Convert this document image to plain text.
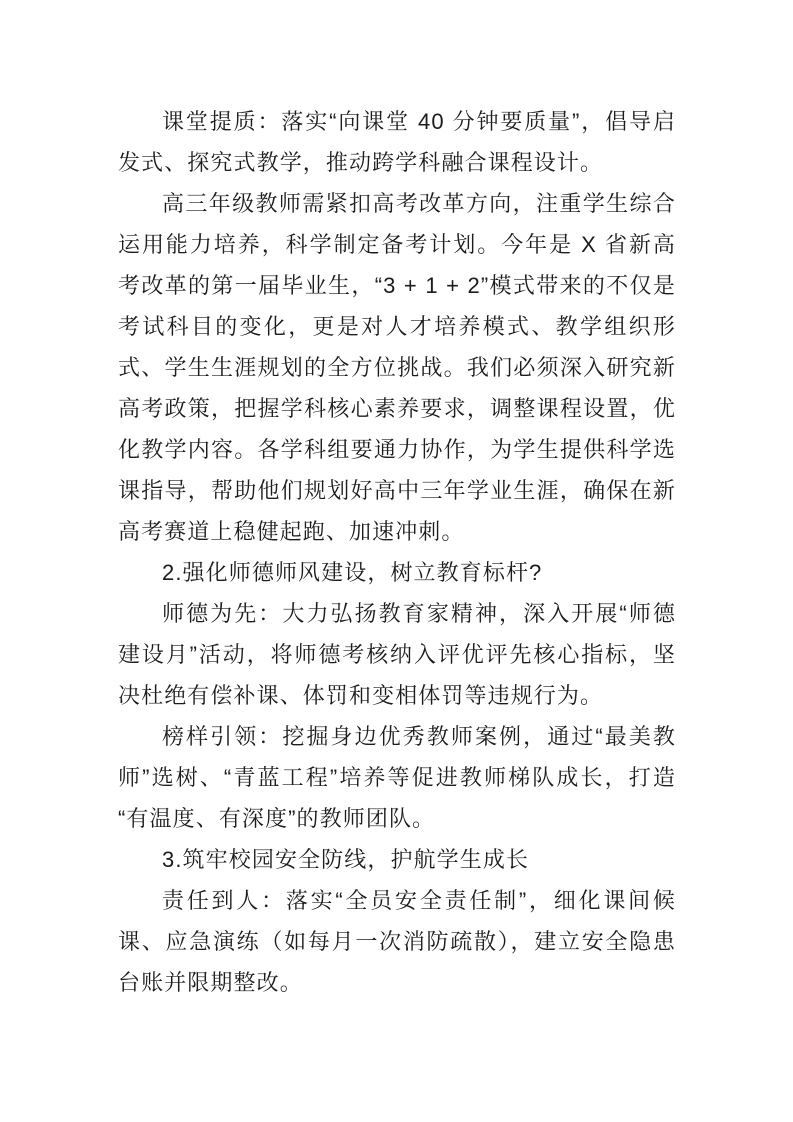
课堂提质：落实“向课堂 40 分钟要质量”，倡导启发式、探究式教学，推动跨学科融合课程设计。

高三年级教师需紧扣高考改革方向，注重学生综合运用能力培养，科学制定备考计划。今年是 X 省新高考改革的第一届毕业生，“3 + 1 + 2”模式带来的不仅是考试科目的变化，更是对人才培养模式、教学组织形式、学生生涯规划的全方位挑战。我们必须深入研究新高考政策，把握学科核心素养要求，调整课程设置，优化教学内容。各学科组要通力协作，为学生提供科学选课指导，帮助他们规划好高中三年学业生涯，确保在新高考赛道上稳健起跑、加速冲刺。

2.强化师德师风建设，树立教育标杆?

师德为先：大力弘扬教育家精神，深入开展“师德建设月”活动，将师德考核纳入评优评先核心指标，坚决杜绝有偿补课、体罚和变相体罚等违规行为。

榜样引领：挖掘身边优秀教师案例，通过“最美教师”选树、“青蓝工程”培养等促进教师梯队成长，打造“有温度、有深度”的教师团队。

3.筑牢校园安全防线，护航学生成长

责任到人：落实“全员安全责任制”，细化课间候课、应急演练（如每月一次消防疏散），建立安全隐患台账并限期整改。
